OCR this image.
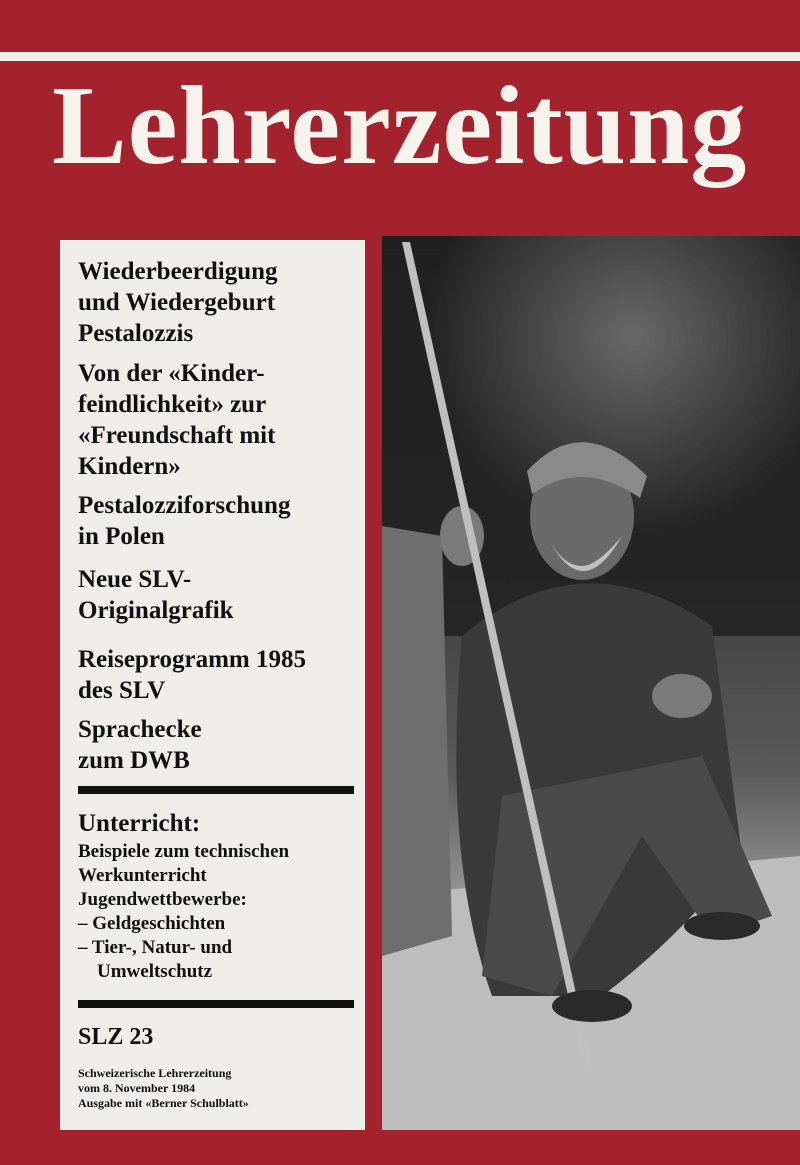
Lehrerzeitung
Wiederbeerdigung
und Wiedergeburt
Pestalozzis
Von der «Kinder-
feindlichkeit» zur
«Freundschaft mit
Kindern»
Pestalozziforschung
in Polen
Neue SLV-
Originalgrafik
Reiseprogramm 1985
des SLV
Sprachecke
zum DWB
Unterricht:
Beispiele zum technischen
Werkunterricht
Jugendwettbewerbe:
– Geldgeschichten
– Tier-, Natur- und
Umweltschutz
SLZ 23
Schweizerische Lehrerzeitung
vom 8. November 1984
Ausgabe mit «Berner Schulblatt»
